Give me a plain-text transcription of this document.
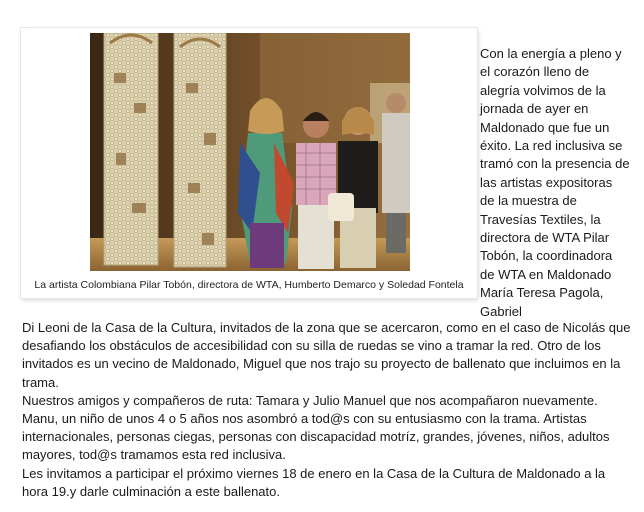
La artista Colombiana Pilar Tobón, directora de WTA, Humberto Demarco y Soledad Fontela
Con la energía a pleno y el corazón lleno de alegría volvimos de la jornada de ayer en Maldonado que fue un éxito. La red inclusiva se tramó con la presencia de las artistas expositoras de la muestra de Travesías Textiles, la directora de WTA Pilar Tobón, la coordinadora de WTA en Maldonado María Teresa Pagola, Gabriel

Di Leoni de la Casa de la Cultura, invitados de la zona que se acercaron, como en el caso de Nicolás que desafiando los obstáculos de accesibilidad con su silla de ruedas se vino a tramar la red. Otro de los invitados es un vecino de Maldonado, Miguel que nos trajo su proyecto de ballenato que incluimos en la trama.

Nuestros amigos y compañeros de ruta: Tamara y Julio Manuel que nos acompañaron nuevamente. Manu, un niño de unos 4 o 5 años nos asombró a tod@s con su entusiasmo con la trama. Artistas internacionales, personas ciegas, personas con discapacidad motríz, grandes, jóvenes, niños, adultos mayores, tod@s tramamos esta red inclusiva.

Les invitamos a participar el próximo viernes 18 de enero en la Casa de la Cultura de Maldonado a la hora 19.y darle culminación a este ballenato.
